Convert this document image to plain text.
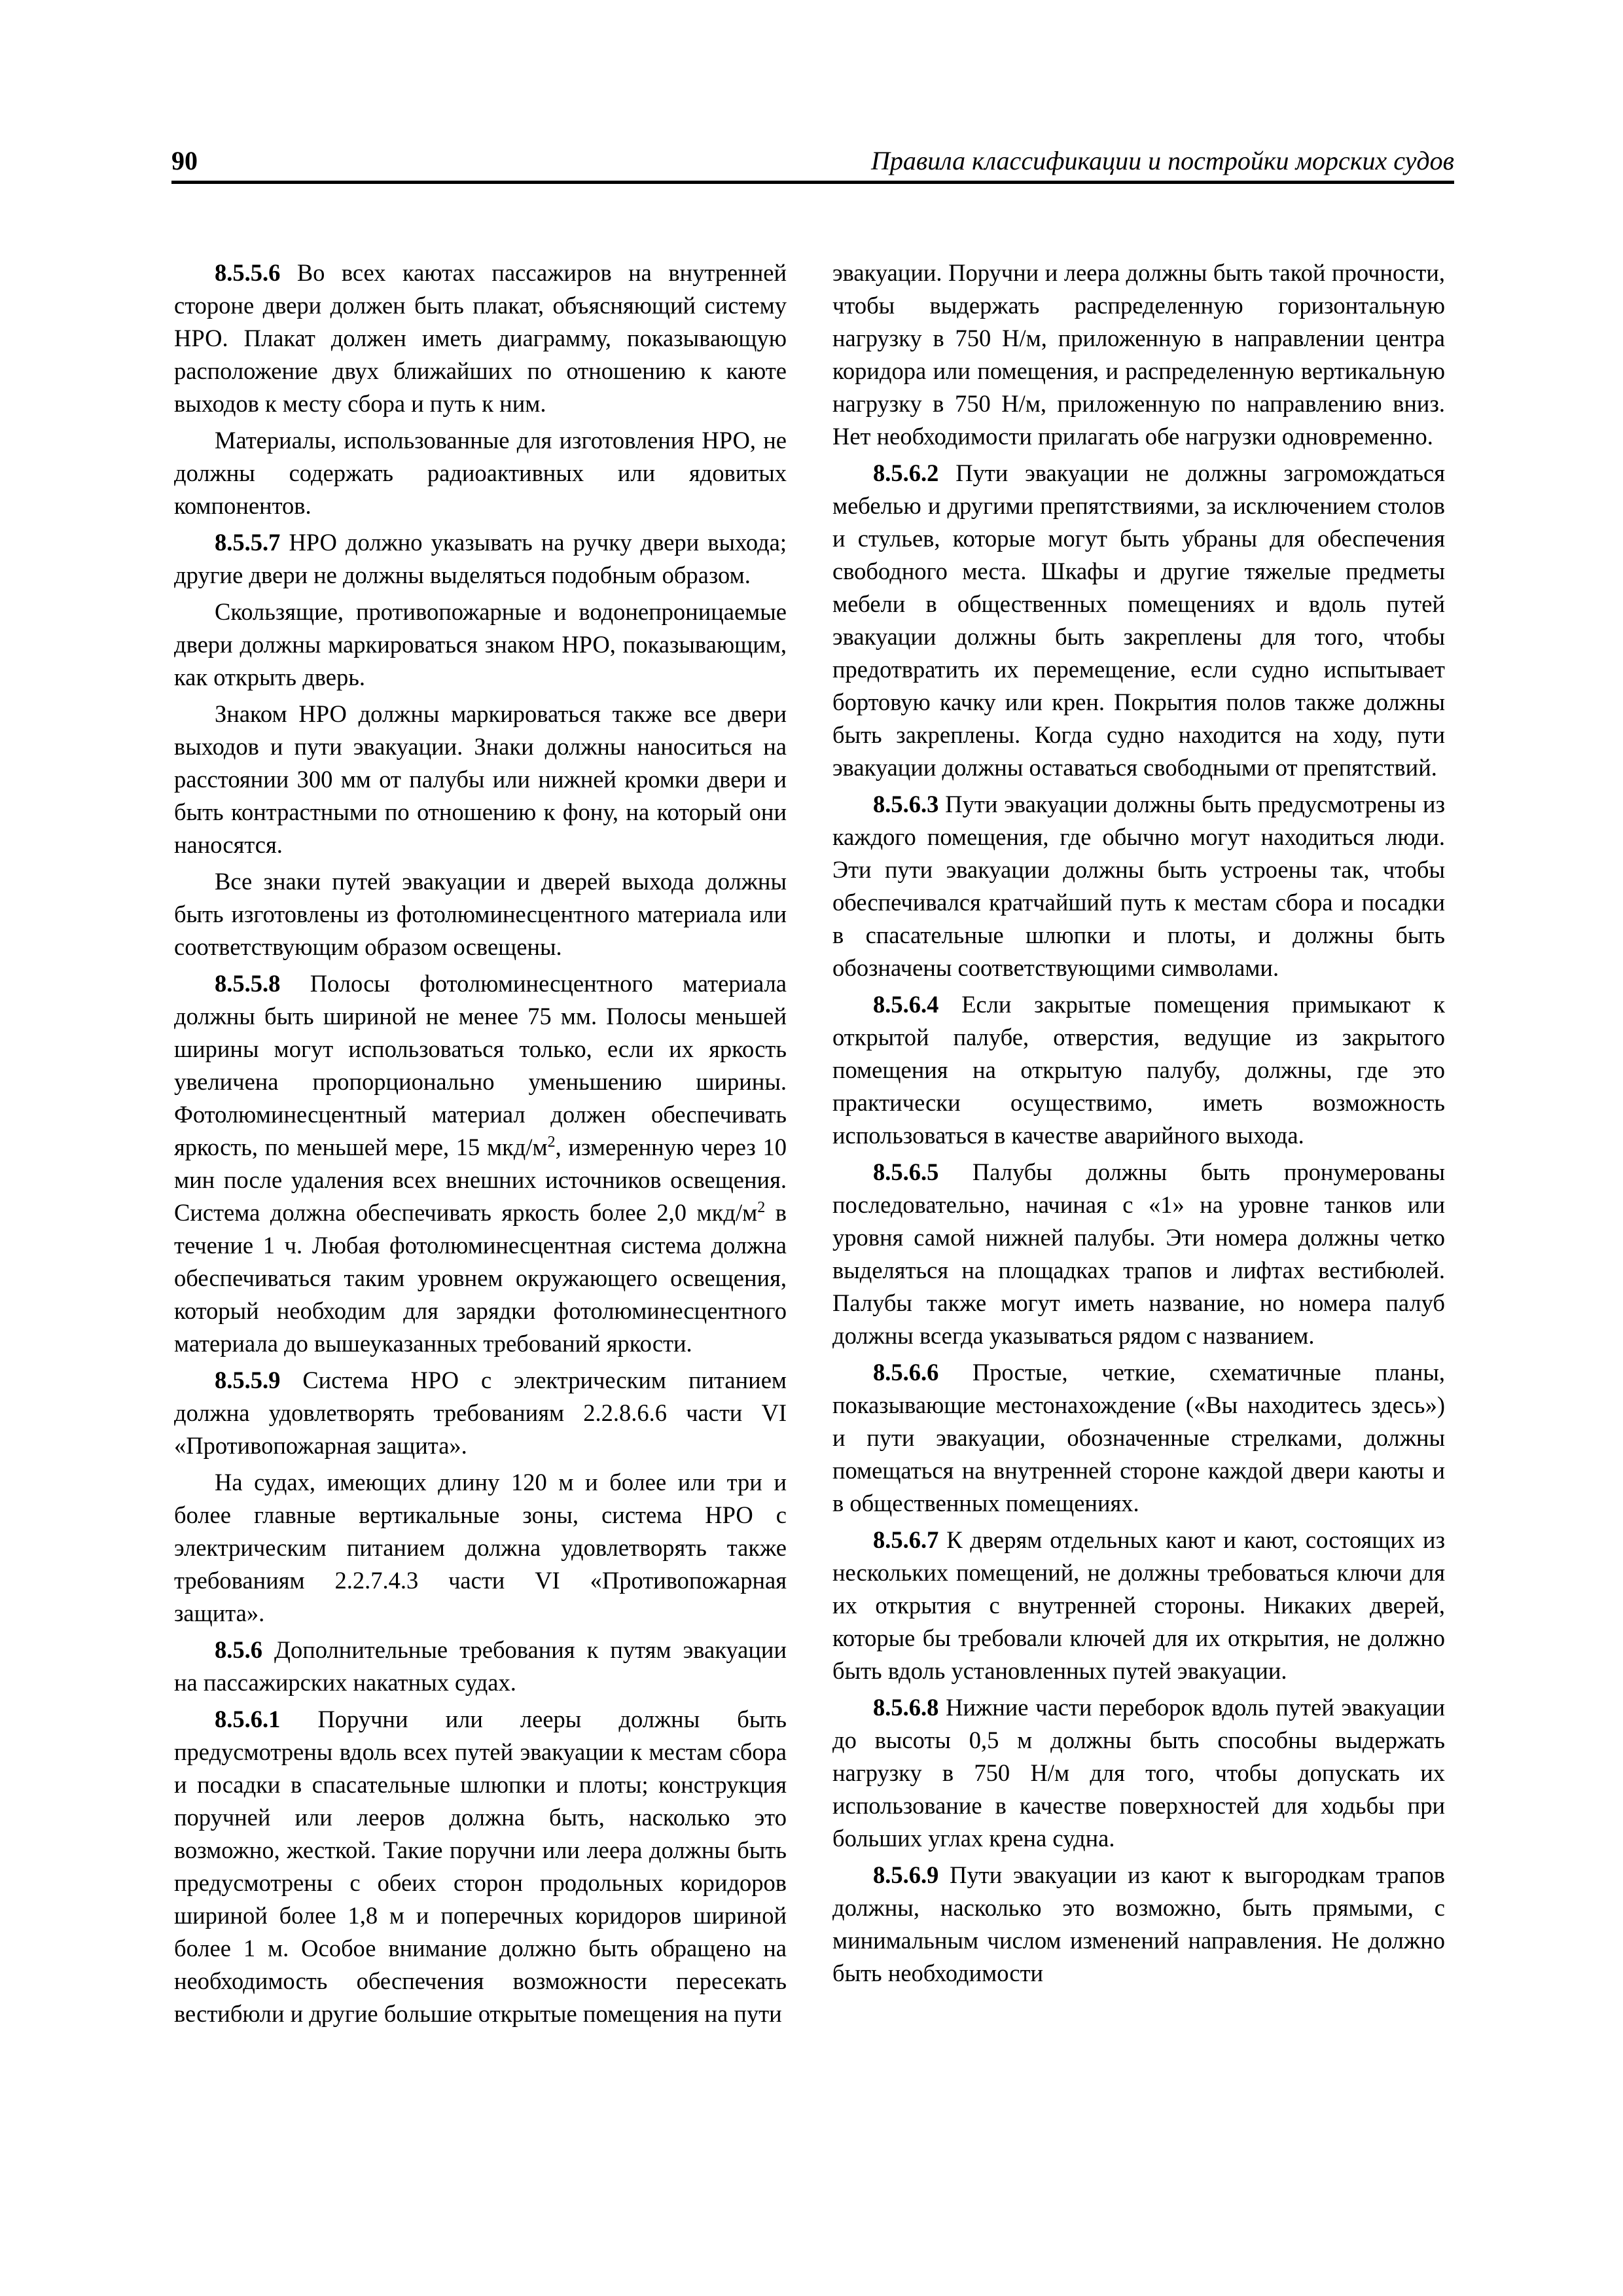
90	Правила классификации и постройки морских судов

8.5.5.6 Во всех каютах пассажиров на внутренней стороне двери должен быть плакат, объясняющий систему НРО. Плакат должен иметь диаграмму, показывающую расположение двух ближайших по отношению к каюте выходов к месту сбора и путь к ним.

Материалы, использованные для изготовления НРО, не должны содержать радиоактивных или ядовитых компонентов.

8.5.5.7 НРО должно указывать на ручку двери выхода; другие двери не должны выделяться подобным образом.

Скользящие, противопожарные и водонепроницаемые двери должны маркироваться знаком НРО, показывающим, как открыть дверь.

Знаком НРО должны маркироваться также все двери выходов и пути эвакуации. Знаки должны наноситься на расстоянии 300 мм от палубы или нижней кромки двери и быть контрастными по отношению к фону, на который они наносятся.

Все знаки путей эвакуации и дверей выхода должны быть изготовлены из фотолюминесцентного материала или соответствующим образом освещены.

8.5.5.8 Полосы фотолюминесцентного материала должны быть шириной не менее 75 мм. Полосы меньшей ширины могут использоваться только, если их яркость увеличена пропорционально уменьшению ширины. Фотолюминесцентный материал должен обеспечивать яркость, по меньшей мере, 15 мкд/$м^2$, измеренную через 10 мин после удаления всех внешних источников освещения. Система должна обеспечивать яркость более 2,0 мкд/$м^2$ в течение 1 ч. Любая фотолюминесцентная система должна обеспечиваться таким уровнем окружающего освещения, который необходим для зарядки фотолюминесцентного материала до вышеуказанных требований яркости.

8.5.5.9 Система НРО с электрическим питанием должна удовлетворять требованиям 2.2.8.6.6 части VI «Противопожарная защита».

На судах, имеющих длину 120 м и более или три и более главные вертикальные зоны, система НРО с электрическим питанием должна удовлетворять также требованиям 2.2.7.4.3 части VI «Противопожарная защита».

8.5.6 Дополнительные требования к путям эвакуации на пассажирских накатных судах.

8.5.6.1 Поручни или лееры должны быть предусмотрены вдоль всех путей эвакуации к местам сбора и посадки в спасательные шлюпки и плоты; конструкция поручней или лееров должна быть, насколько это возможно, жесткой. Такие поручни или леера должны быть предусмотрены с обеих сторон продольных коридоров шириной более 1,8 м и поперечных коридоров шириной более 1 м. Особое внимание должно быть обращено на необходимость обеспечения возможности пересекать вестибюли и другие большие открытые помещения на пути

эвакуации. Поручни и леера должны быть такой прочности, чтобы выдержать распределенную горизонтальную нагрузку в 750 Н/м, приложенную в направлении центра коридора или помещения, и распределенную вертикальную нагрузку в 750 Н/м, приложенную по направлению вниз. Нет необходимости прилагать обе нагрузки одновременно.

8.5.6.2 Пути эвакуации не должны загромождаться мебелью и другими препятствиями, за исключением столов и стульев, которые могут быть убраны для обеспечения свободного места. Шкафы и другие тяжелые предметы мебели в общественных помещениях и вдоль путей эвакуации должны быть закреплены для того, чтобы предотвратить их перемещение, если судно испытывает бортовую качку или крен. Покрытия полов также должны быть закреплены. Когда судно находится на ходу, пути эвакуации должны оставаться свободными от препятствий.

8.5.6.3 Пути эвакуации должны быть предусмотрены из каждого помещения, где обычно могут находиться люди. Эти пути эвакуации должны быть устроены так, чтобы обеспечивался кратчайший путь к местам сбора и посадки в спасательные шлюпки и плоты, и должны быть обозначены соответствующими символами.

8.5.6.4 Если закрытые помещения примыкают к открытой палубе, отверстия, ведущие из закрытого помещения на открытую палубу, должны, где это практически осуществимо, иметь возможность использоваться в качестве аварийного выхода.

8.5.6.5 Палубы должны быть пронумерованы последовательно, начиная с «1» на уровне танков или уровня самой нижней палубы. Эти номера должны четко выделяться на площадках трапов и лифтах вестибюлей. Палубы также могут иметь название, но номера палуб должны всегда указываться рядом с названием.

8.5.6.6 Простые, четкие, схематичные планы, показывающие местонахождение («Вы находитесь здесь») и пути эвакуации, обозначенные стрелками, должны помещаться на внутренней стороне каждой двери каюты и в общественных помещениях.

8.5.6.7 К дверям отдельных кают и кают, состоящих из нескольких помещений, не должны требоваться ключи для их открытия с внутренней стороны. Никаких дверей, которые бы требовали ключей для их открытия, не должно быть вдоль установленных путей эвакуации.

8.5.6.8 Нижние части переборок вдоль путей эвакуации до высоты 0,5 м должны быть способны выдержать нагрузку в 750 Н/м для того, чтобы допускать их использование в качестве поверхностей для ходьбы при больших углах крена судна.

8.5.6.9 Пути эвакуации из кают к выгородкам трапов должны, насколько это возможно, быть прямыми, с минимальным числом изменений направления. Не должно быть необходимости
